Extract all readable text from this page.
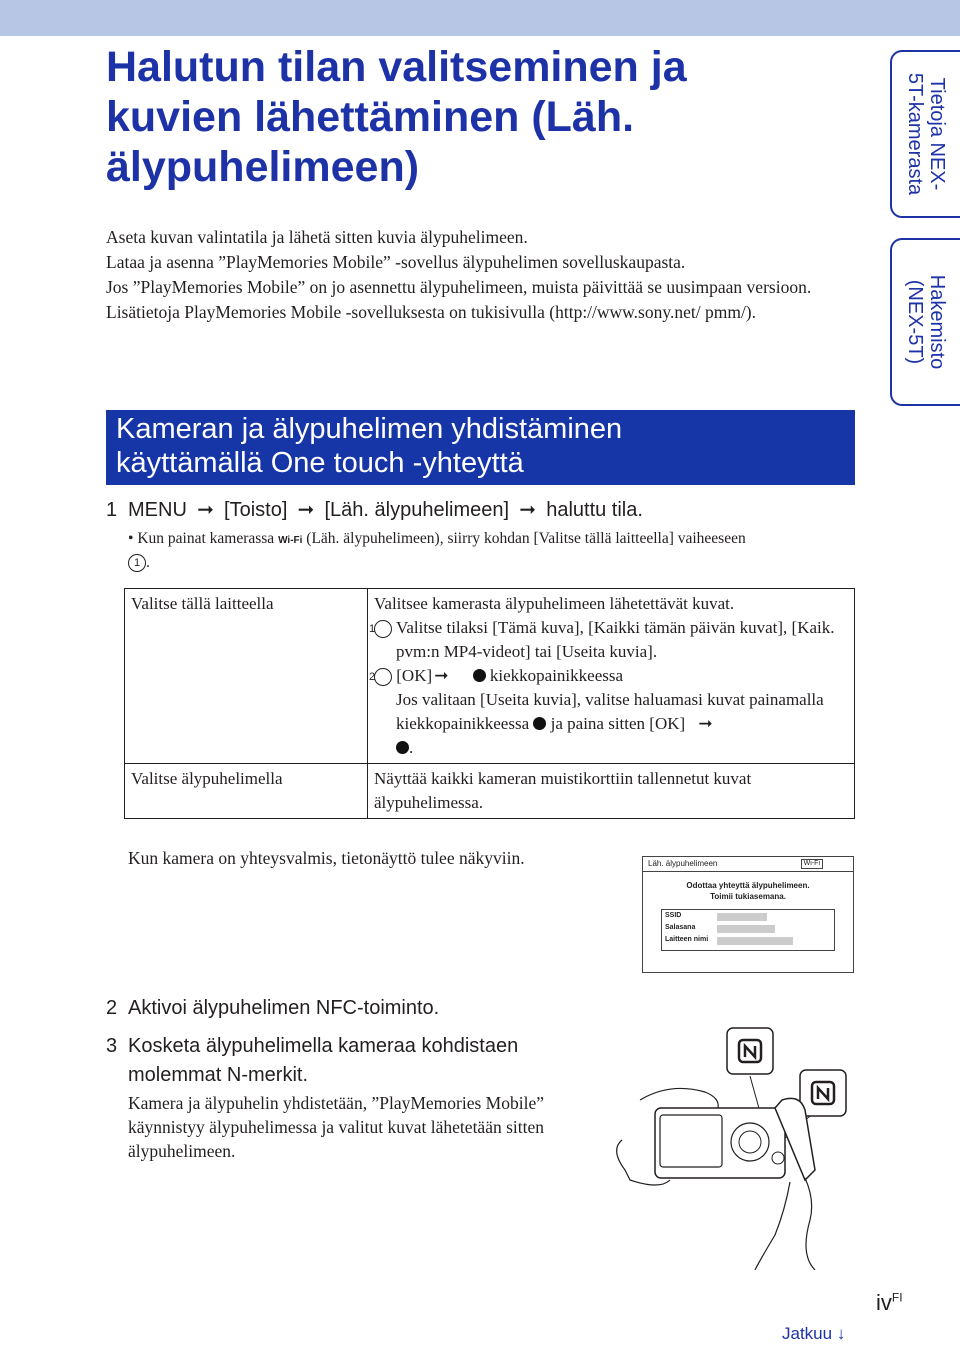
Halutun tilan valitseminen ja kuvien lähettäminen (Läh. älypuhelimeen)

Aseta kuvan valintatila ja lähetä sitten kuvia älypuhelimeen.

Lataa ja asenna ”PlayMemories Mobile” -sovellus älypuhelimen sovelluskaupasta.

Jos ”PlayMemories Mobile” on jo asennettu älypuhelimeen, muista päivittää se uusimpaan versioon.

Lisätietoja PlayMemories Mobile -sovelluksesta on tukisivulla (http://www.sony.net/ pmm/).

Tietoja NEX-
5T-kamerasta
Hakemisto
(NEX-5T)
Kameran ja älypuhelimen yhdistäminen
käyttämällä One touch -yhteyttä
1 MENU ➞ [Toisto] ➞ [Läh. älypuhelimeen] ➞ haluttu tila.
• Kun painat kamerassa Wi-Fi (Läh. älypuhelimeen), siirry kohdan [Valitse tällä laitteella] vaiheeseen
1 .
Valitse tällä laitteella	Valitsee kamerasta älypuhelimeen lähetettävät kuvat.
1 Valitse tilaksi [Tämä kuva], [Kaikki tämän päivän kuvat], [Kaik. pvm:n MP4-videot] tai [Useita kuvia].
2 [OK] ➞ kiekkopainikkeessa
Jos valitaan [Useita kuvia], valitse haluamasi kuvat painamalla kiekkopainikkeessa ja paina sitten [OK] ➞
.

Valitse älypuhelimella	Näyttää kaikki kameran muistikorttiin tallennetut kuvat älypuhelimessa.
Kun kamera on yhteysvalmis, tietonäyttö tulee näkyviin.	Läh. älypuhelimeen	Wi-Fi
Odottaa yhteyttä älypuhelimeen.
Toimii tukiasemana.
SSID
Salasana
Laitteen nimi
2 Aktivoi älypuhelimen NFC-toiminto.
3 Kosketa älypuhelimella kameraa kohdistaen
molemmat N-merkit.
Kamera ja älypuhelin yhdistetään, ”PlayMemories Mobile” käynnistyy älypuhelimessa ja valitut kuvat lähetetään sitten älypuhelimeen.
$iv^{FI}$
Jatkuu ↓
